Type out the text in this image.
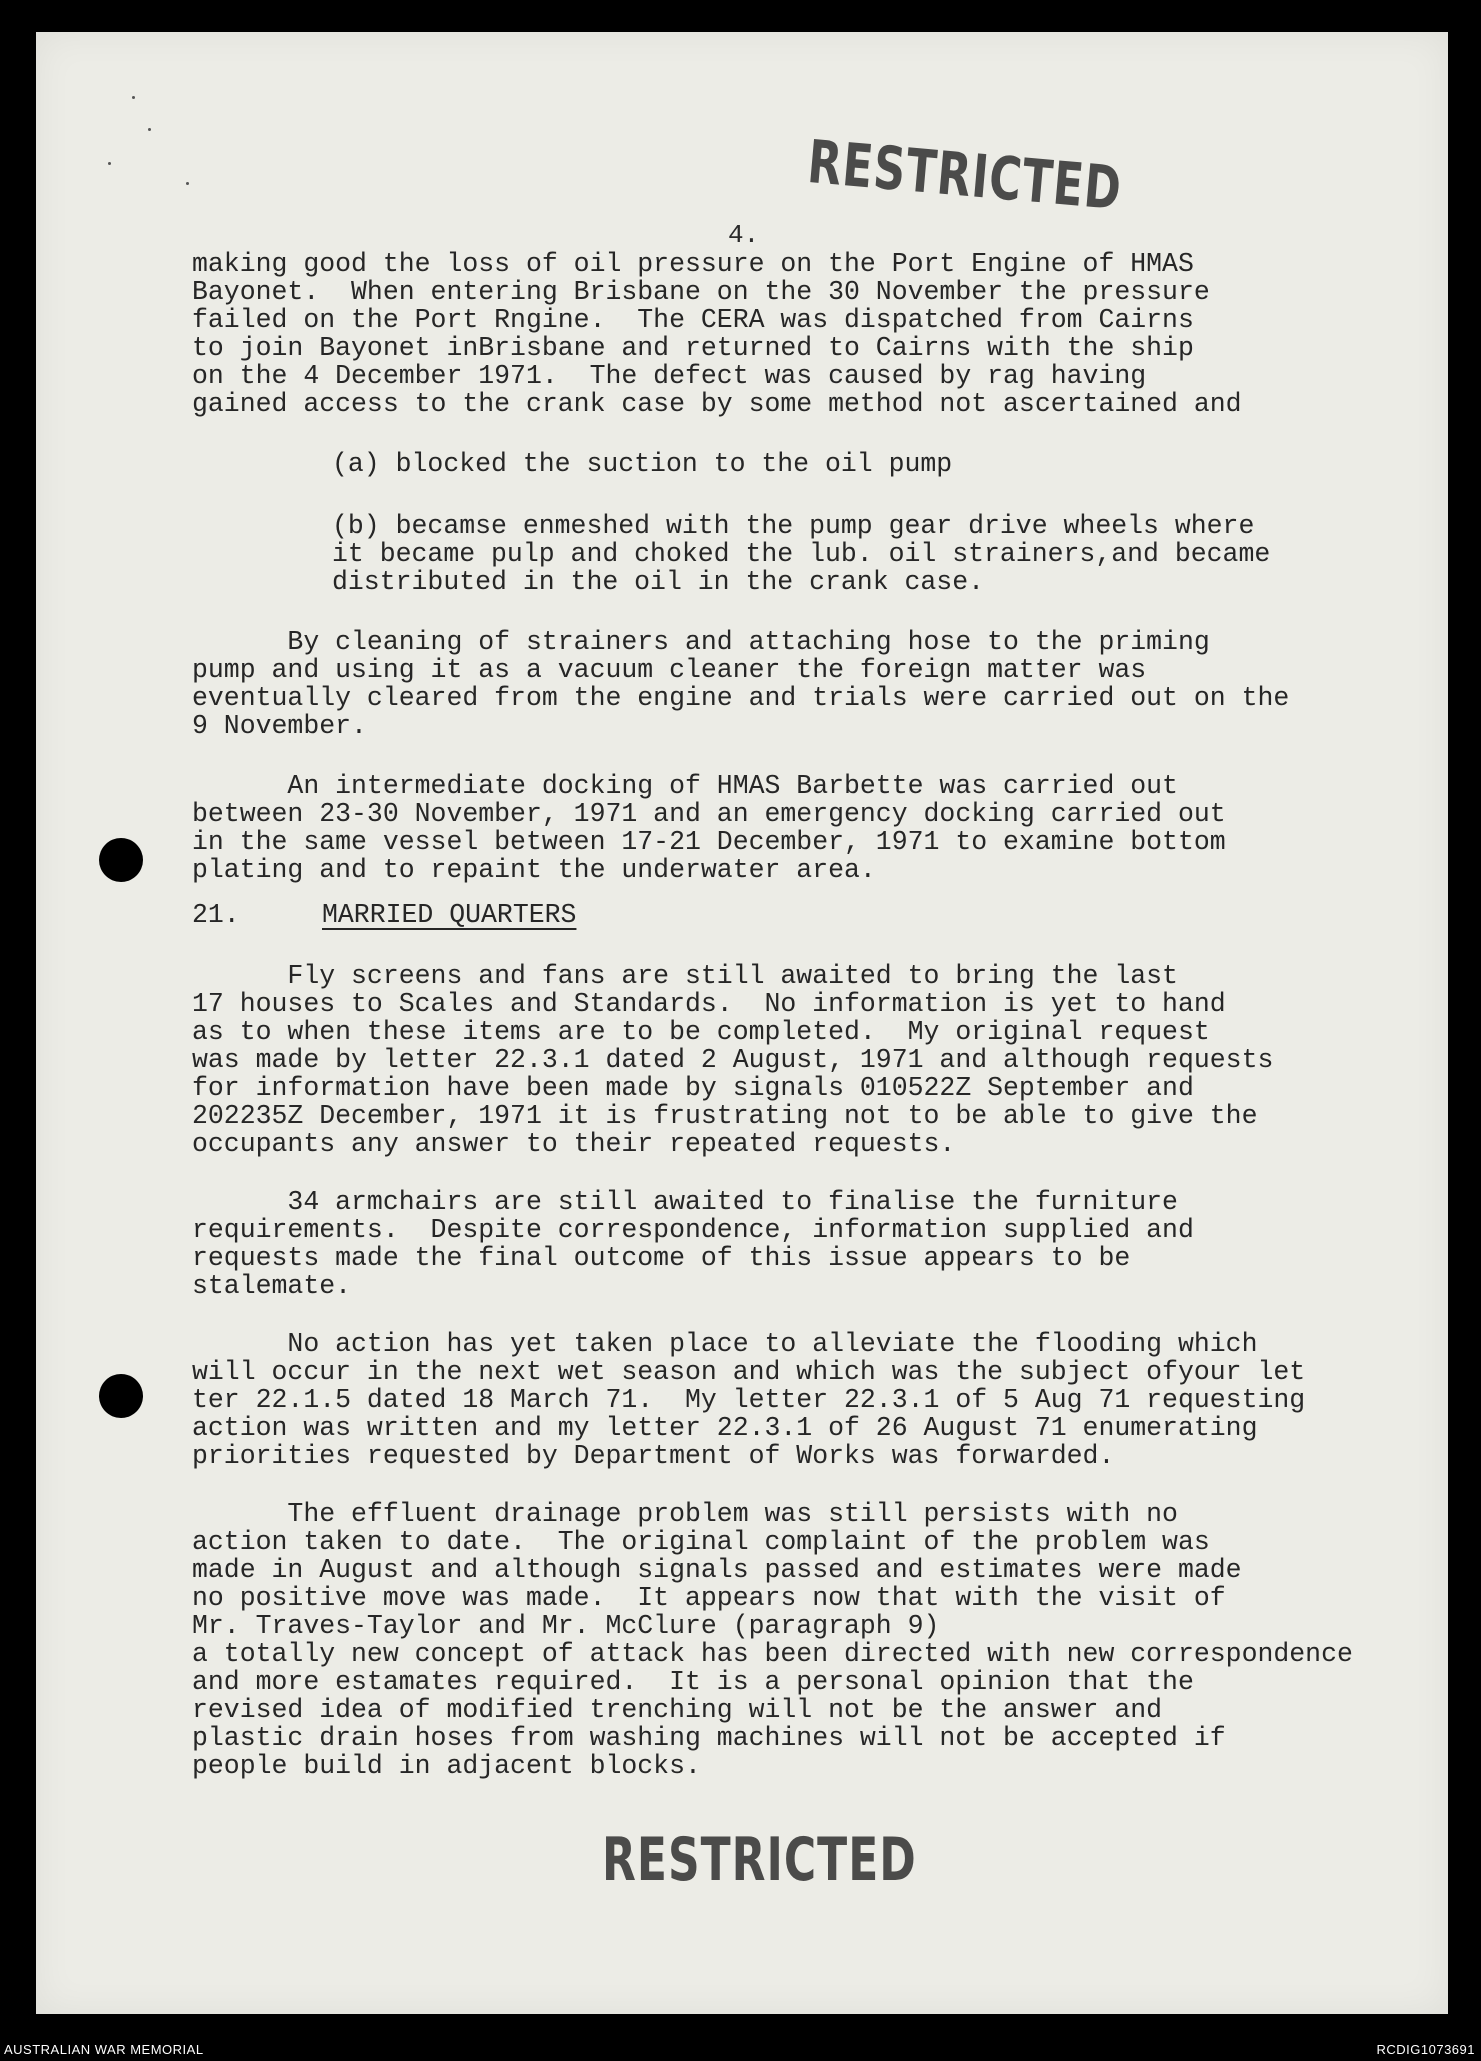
RESTRICTED
4.

making good the loss of oil pressure on the Port Engine of HMAS

Bayonet.  When entering Brisbane on the 30 November the pressure

failed on the Port Rngine.  The CERA was dispatched from Cairns

to join Bayonet inBrisbane and returned to Cairns with the ship

on the 4 December 1971.  The defect was caused by rag having

gained access to the crank case by some method not ascertained and

(a) blocked the suction to the oil pump

(b) becamse enmeshed with the pump gear drive wheels where

it became pulp and choked the lub. oil strainers,and became

distributed in the oil in the crank case.

By cleaning of strainers and attaching hose to the priming

pump and using it as a vacuum cleaner the foreign matter was

eventually cleared from the engine and trials were carried out on the

9 November.

An intermediate docking of HMAS Barbette was carried out

between 23-30 November, 1971 and an emergency docking carried out

in the same vessel between 17-21 December, 1971 to examine bottom

plating and to repaint the underwater area.

21.	MARRIED QUARTERS

Fly screens and fans are still awaited to bring the last

17 houses to Scales and Standards.  No information is yet to hand

as to when these items are to be completed.  My original request

was made by letter 22.3.1 dated 2 August, 1971 and although requests

for information have been made by signals 010522Z September and

202235Z December, 1971 it is frustrating not to be able to give the

occupants any answer to their repeated requests.

34 armchairs are still awaited to finalise the furniture

requirements.  Despite correspondence, information supplied and

requests made the final outcome of this issue appears to be

stalemate.

No action has yet taken place to alleviate the flooding which

will occur in the next wet season and which was the subject ofyour let

ter 22.1.5 dated 18 March 71.  My letter 22.3.1 of 5 Aug 71 requesting

action was written and my letter 22.3.1 of 26 August 71 enumerating

priorities requested by Department of Works was forwarded.

The effluent drainage problem was still persists with no

action taken to date.  The original complaint of the problem was

made in August and although signals passed and estimates were made

no positive move was made.  It appears now that with the visit of

Mr. Traves-Taylor and Mr. McClure (paragraph 9)

a totally new concept of attack has been directed with new correspondence

and more estamates required.  It is a personal opinion that the

revised idea of modified trenching will not be the answer and

plastic drain hoses from washing machines will not be accepted if

people build in adjacent blocks.

RESTRICTED
AUSTRALIAN WAR MEMORIAL	RCDIG1073691
